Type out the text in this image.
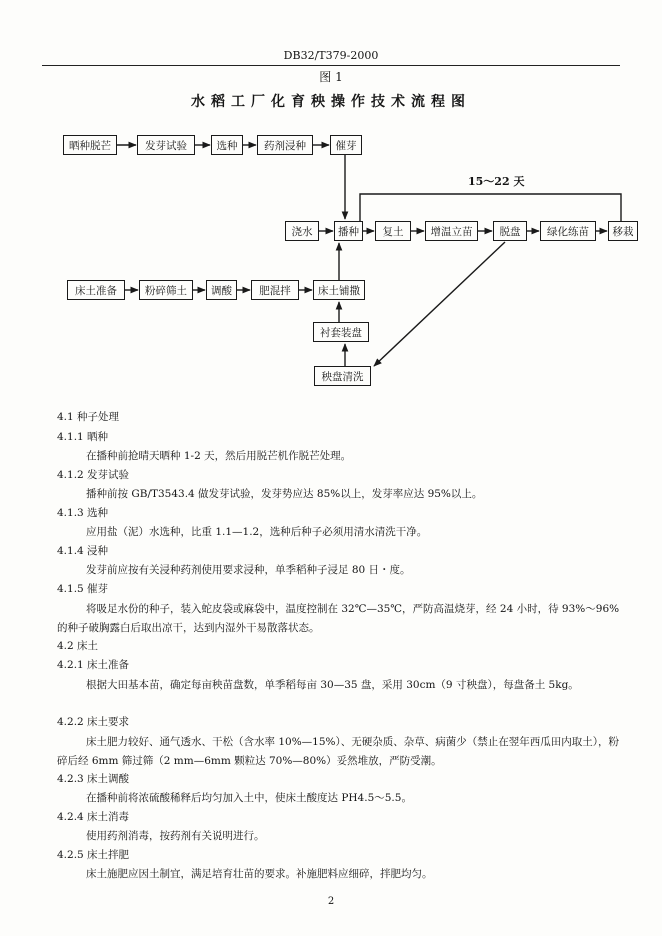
DB32/T379-2000
图 1
水稻工厂化育秧操作技术流程图
晒种脱芒	发芽试验	选种	药剂浸种	催芽
15～22 天
浇水	播种	复土	增温立苗	脱盘	绿化练苗	移栽
床土准备	粉碎筛土	调酸	肥混拌	床土铺撒
衬套装盘
秧盘清洗
4.1 种子处理
4.1.1 晒种
在播种前抢晴天晒种 1-2 天，然后用脱芒机作脱芒处理。
4.1.2 发芽试验
播种前按 GB/T3543.4 做发芽试验，发芽势应达 85%以上，发芽率应达 95%以上。
4.1.3 选种
应用盐（泥）水选种，比重 1.1—1.2，选种后种子必须用清水清洗干净。
4.1.4 浸种
发芽前应按有关浸种药剂使用要求浸种，单季稻种子浸足 80 日・度。
4.1.5 催芽
将吸足水份的种子，装入蛇皮袋或麻袋中，温度控制在 32℃—35℃，严防高温烧芽，经 24 小时，待 93%～96%的种子破胸露白后取出凉干，达到内湿外干易散落状态。
4.2 床土
4.2.1 床土准备
根据大田基本苗，确定每亩秧苗盘数，单季稻每亩 30—35 盘，采用 30cm（9 寸秧盘），每盘备土 5kg。
4.2.2 床土要求
床土肥力较好、通气透水、干松（含水率 10%—15%）、无硬杂质、杂草、病菌少（禁止在翌年西瓜田内取土），粉碎后经 6mm 筛过筛（2 mm—6mm 颗粒达 70%—80%）妥然堆放，严防受潮。
4.2.3 床土调酸
在播种前将浓硫酸稀释后均匀加入土中，使床土酸度达 PH4.5～5.5。
4.2.4 床土消毒
使用药剂消毒，按药剂有关说明进行。
4.2.5 床土拌肥
床土施肥应因土制宜，满足培育壮苗的要求。补施肥料应细碎，拌肥均匀。
2
